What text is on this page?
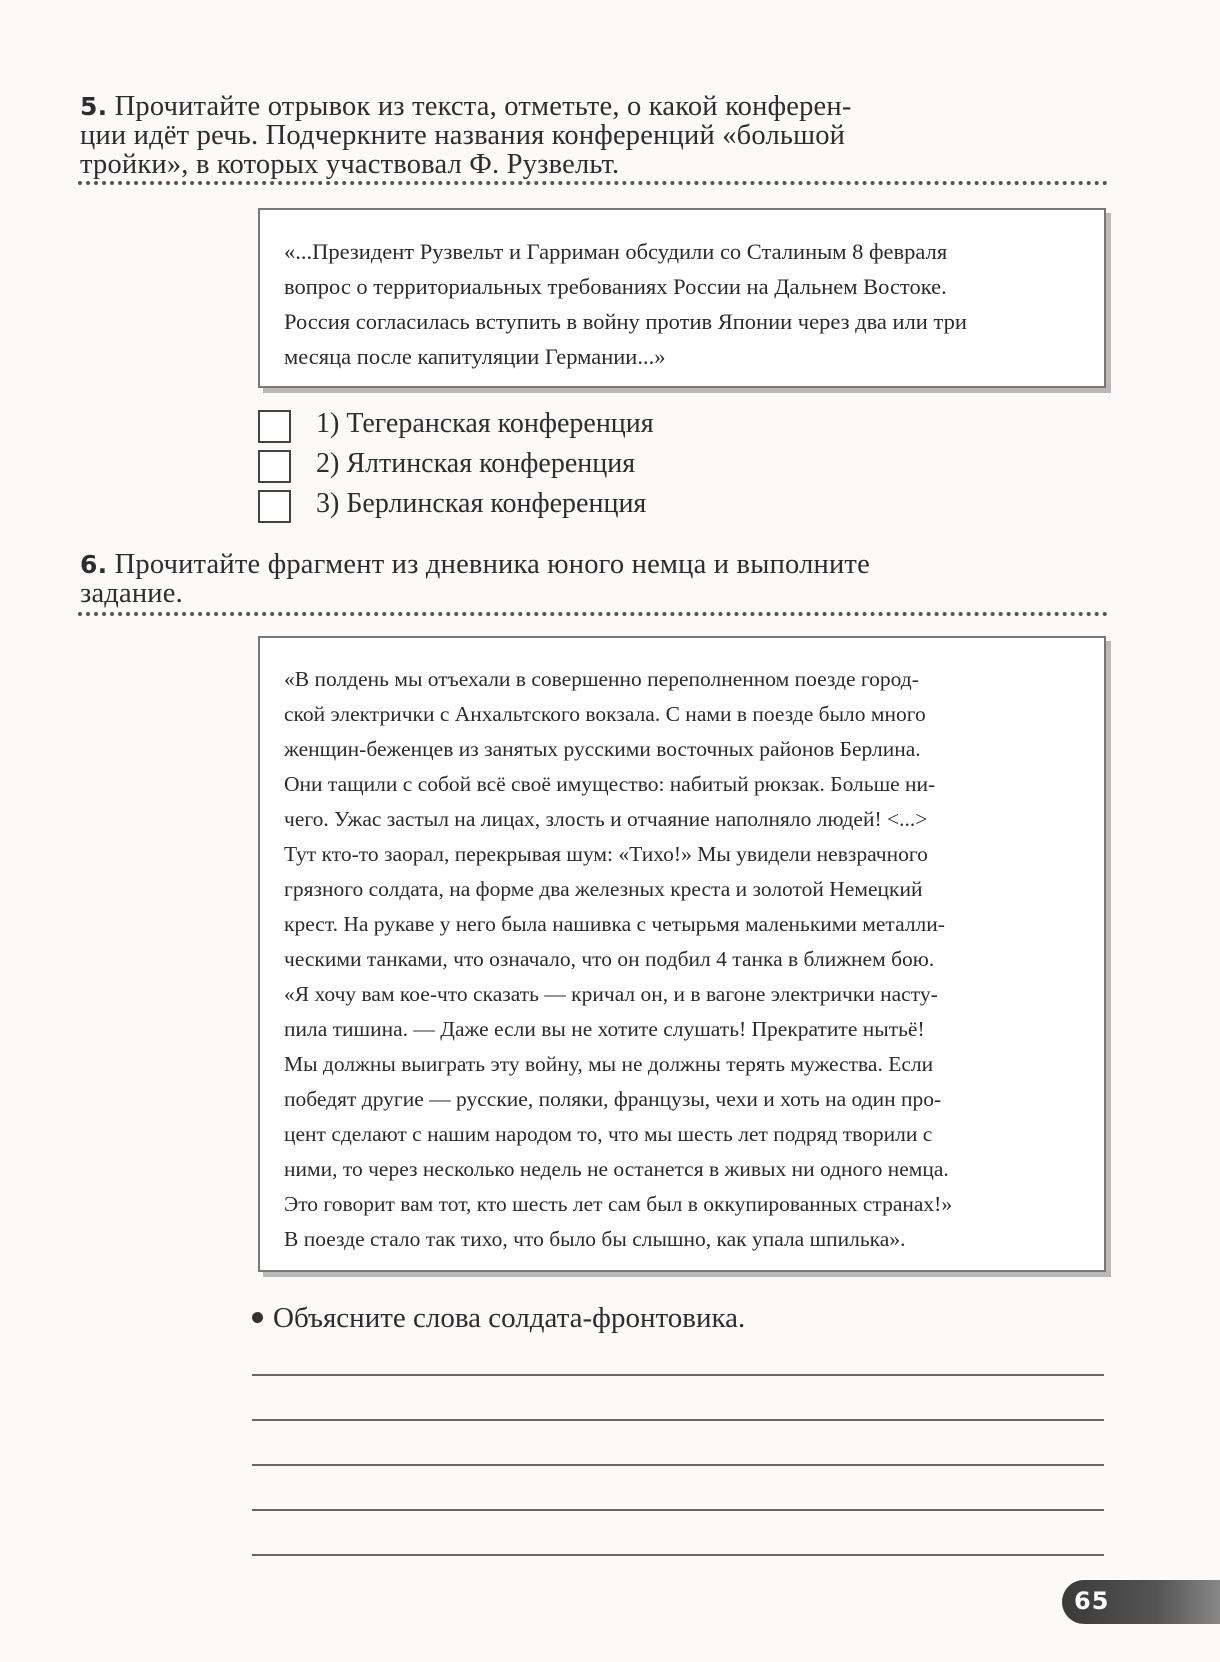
5. Прочитайте отрывок из текста, отметьте, о какой конферен-
ции идёт речь. Подчеркните названия конференций «большой
тройки», в которых участвовал Ф. Рузвельт.
«...Президент Рузвельт и Гарриман обсудили со Сталиным 8 февраля
вопрос о территориальных требованиях России на Дальнем Востоке.
Россия согласилась вступить в войну против Японии через два или три
месяца после капитуляции Германии...»
1) Тегеранская конференция
2) Ялтинская конференция
3) Берлинская конференция
6. Прочитайте фрагмент из дневника юного немца и выполните
задание.
«В полдень мы отъехали в совершенно переполненном поезде город-
ской электрички с Анхальтского вокзала. С нами в поезде было много
женщин-беженцев из занятых русскими восточных районов Берлина.
Они тащили с собой всё своё имущество: набитый рюкзак. Больше ни-
чего. Ужас застыл на лицах, злость и отчаяние наполняло людей! <...>
Тут кто-то заорал, перекрывая шум: «Тихо!» Мы увидели невзрачного
грязного солдата, на форме два железных креста и золотой Немецкий
крест. На рукаве у него была нашивка с четырьмя маленькими металли-
ческими танками, что означало, что он подбил 4 танка в ближнем бою.
«Я хочу вам кое-что сказать — кричал он, и в вагоне электрички насту-
пила тишина. — Даже если вы не хотите слушать! Прекратите нытьё!
Мы должны выиграть эту войну, мы не должны терять мужества. Если
победят другие — русские, поляки, французы, чехи и хоть на один про-
цент сделают с нашим народом то, что мы шесть лет подряд творили с
ними, то через несколько недель не останется в живых ни одного немца.
Это говорит вам тот, кто шесть лет сам был в оккупированных странах!»
В поезде стало так тихо, что было бы слышно, как упала шпилька».
Объясните слова солдата-фронтовика.
65
